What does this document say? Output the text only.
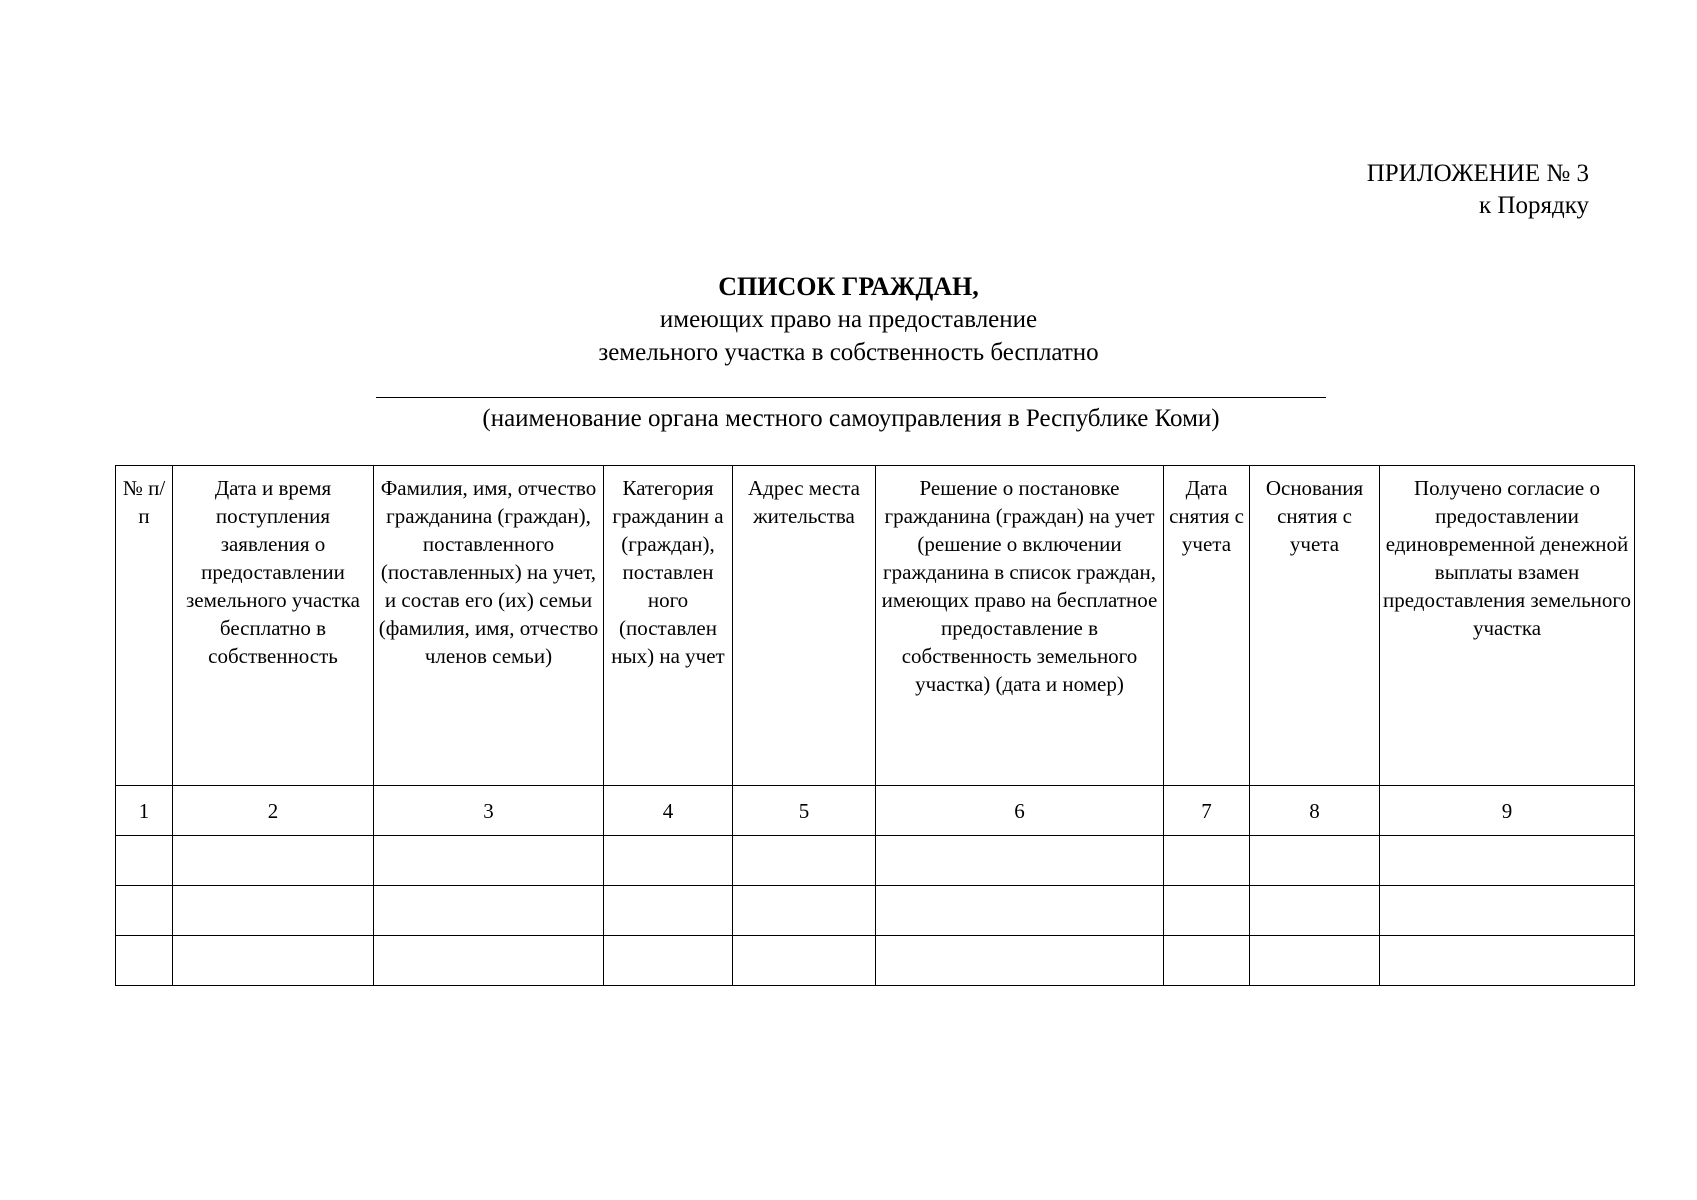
ПРИЛОЖЕНИЕ № 3
к Порядку
СПИСОК ГРАЖДАН,
имеющих право на предоставление
земельного участка в собственность бесплатно
(наименование органа местного самоуправления в Республике Коми)
№ п/п	Дата и время поступления заявления о предоставлении земельного участка бесплатно в собственность	Фамилия, имя, отчество гражданина (граждан), поставленного (поставленных) на учет, и состав его (их) семьи (фамилия, имя, отчество членов семьи)	Категория гражданин а (граждан), поставлен ного (поставлен ных) на учет	Адрес места жительства	Решение о постановке гражданина (граждан) на учет (решение о включении гражданина в список граждан, имеющих право на бесплатное предоставление в собственность земельного участка) (дата и номер)	Дата снятия с учета	Основания снятия с учета	Получено согласие о предоставлении единовременной денежной выплаты взамен предоставления земельного участка
1	2	3	4	5	6	7	8	9
